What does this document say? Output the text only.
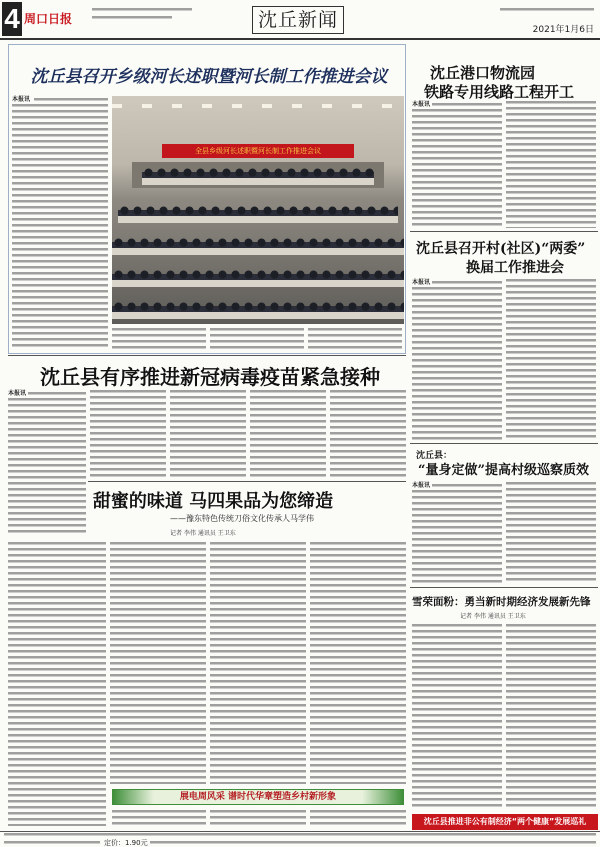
4 周口日报	沈丘新闻	2021年1月6日
沈丘县召开乡级河长述职暨河长制工作推进会议
本报讯
全县乡级河长述职暨河长制工作推进会议
沈丘港口物流园
铁路专用线路工程开工
本报讯
沈丘县召开村(社区)“两委”
换届工作推进会
本报讯
沈丘县：
“量身定做”提高村级巡察质效
本报讯
雪荣面粉：勇当新时期经济发展新先锋
记者 李伟 通讯员 王卫东
沈丘县推进非公有制经济“两个健康”发展巡礼
沈丘县有序推进新冠病毒疫苗紧急接种
本报讯
甜蜜的味道 马四果品为您缔造
——豫东特色传统刀俗文化传承人马学伟
记者 李伟 通讯员 王卫东
展电周风采 谱时代华章塑造乡村新形象
定价：1.90元
